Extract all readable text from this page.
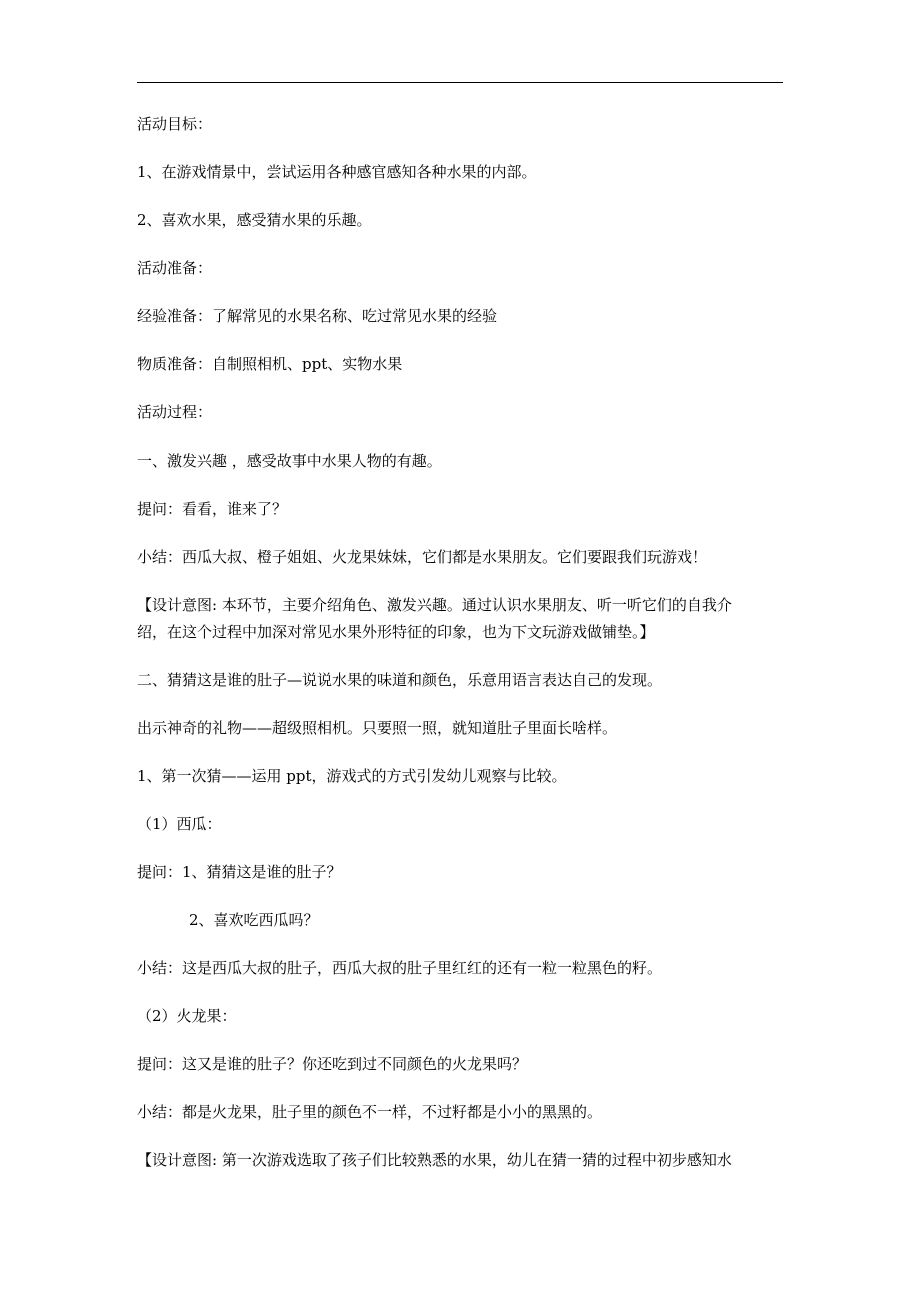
活动目标：
1、在游戏情景中，尝试运用各种感官感知各种水果的内部。
2、喜欢水果，感受猜水果的乐趣。
活动准备：
经验准备：了解常见的水果名称、吃过常见水果的经验
物质准备：自制照相机、ppt、实物水果
活动过程：
一、激发兴趣 ，感受故事中水果人物的有趣。
提问：看看，谁来了？
小结：西瓜大叔、橙子姐姐、火龙果妹妹，它们都是水果朋友。它们要跟我们玩游戏！
【设计意图: 本环节，主要介绍角色、激发兴趣。通过认识水果朋友、听一听它们的自我介
绍，在这个过程中加深对常见水果外形特征的印象，也为下文玩游戏做铺垫。】
二、猜猜这是谁的肚子—说说水果的味道和颜色，乐意用语言表达自己的发现。
出示神奇的礼物——超级照相机。只要照一照，就知道肚子里面长啥样。
1、第一次猜——运用 ppt，游戏式的方式引发幼儿观察与比较。
（1）西瓜：
提问：1、猜猜这是谁的肚子？
2、喜欢吃西瓜吗？
小结：这是西瓜大叔的肚子，西瓜大叔的肚子里红红的还有一粒一粒黑色的籽。
（2）火龙果：
提问：这又是谁的肚子？你还吃到过不同颜色的火龙果吗？
小结：都是火龙果，肚子里的颜色不一样，不过籽都是小小的黑黑的。
【设计意图: 第一次游戏选取了孩子们比较熟悉的水果，幼儿在猜一猜的过程中初步感知水
